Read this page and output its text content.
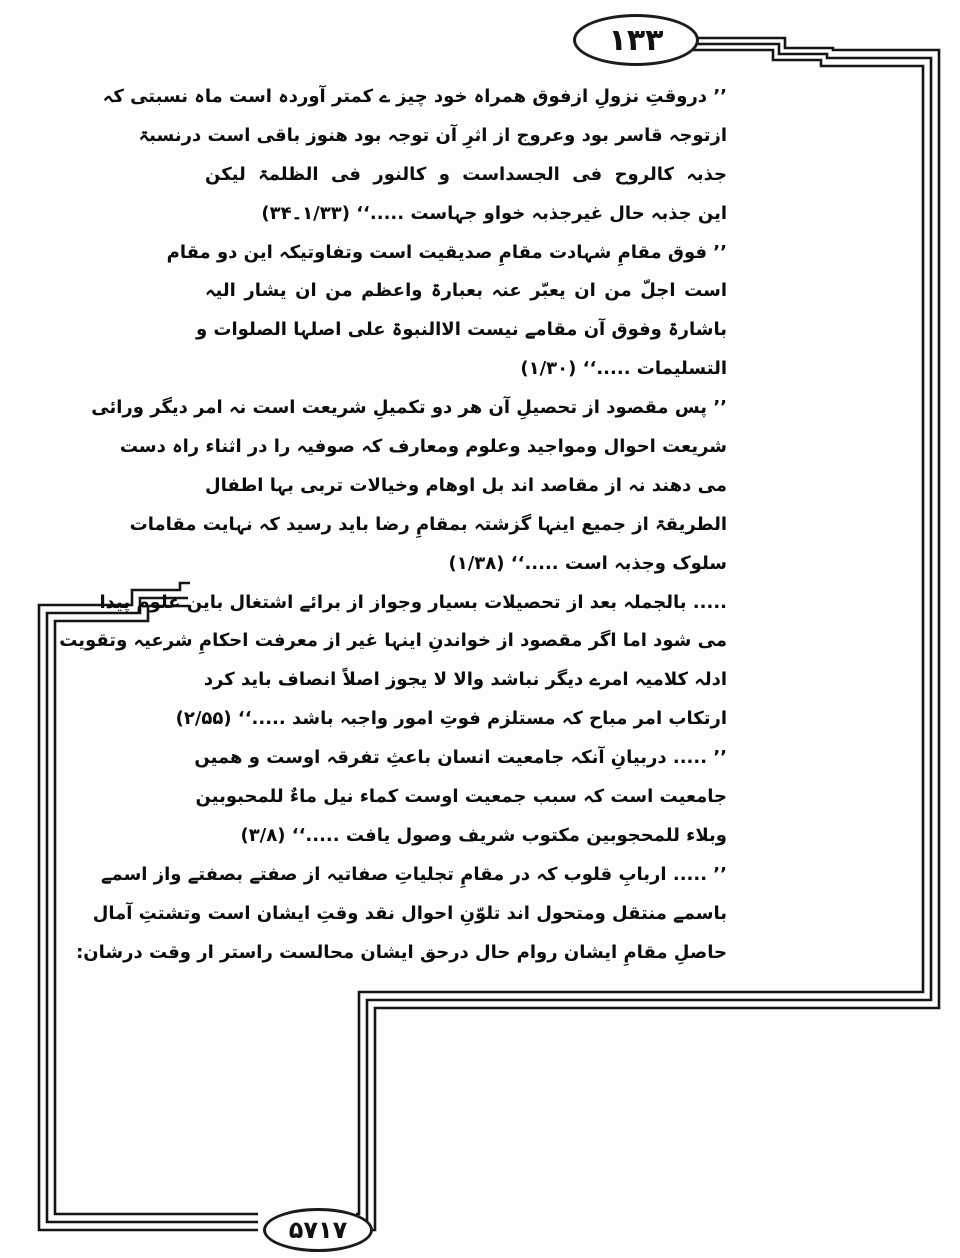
۱۳۳
’’ دروقتِ نزولِ ازفوق همراہ خود چیز ے کمتر آوردہ است ماہ نسبتی کہ
ازتوجہ قاسر بود وعروج از اثرِ آن توجہ بود هنوز باقی است درنسبۃ
جذبہ کالروح فی الجسداست و کالنور فی الظلمۃ لیکن
این جذبہ حال غیرجذبہ خواو جہاست .....‘‘ (۱/۳۳۔۳۴)
’’ فوق مقامِ شہادت مقامِ صدیقیت است وتفاوتیکہ این دو مقام
است اجلّ من ان یعبّر عنہ بعبارۃ واعظم من ان یشار الیہ
باشارۃ وفوق آن مقامے نیست الاالنبوۃ علی اصلہا الصلوات و
التسلیمات .....‘‘ (۱/۳۰)
’’ پس مقصود از تحصیلِ آن هر دو تکمیلِ شریعت است نہ امر دیگر ورائی
شریعت احوال ومواجید وعلوم ومعارف کہ صوفیہ را در اثناء راہ دست
می دهند نہ از مقاصد اند بل اوهام وخیالات تربی بہا اطفال
الطریقۃ از جمیع اینہا گزشتہ بمقامِ رضا باید رسید کہ نہایت مقامات
سلوک وجذبہ است .....‘‘ (۱/۳۸)
..... بالجملہ بعد از تحصیلات بسیار وجواز از برائے اشتغال باین علوم پیدا
می شود اما اگر مقصود از خواندنِ اینہا غیر از معرفت احکامِ شرعیہ وتقویت
ادلہ کلامیہ امرے دیگر نباشد والا لا یجوز اصلاً انصاف باید کرد
ارتکاب امر مباح کہ مستلزم فوتِ امور واجبہ باشد .....‘‘ (۲/۵۵)
’’ ..... دربیانِ آنکہ جامعیت انسان باعثِ تفرقہ اوست و همیں
جامعیت است کہ سبب جمعیت اوست کماء نیل ماءٌ للمحبوبین
وبلاء للمحجوبین مکتوب شریف وصول یافت .....‘‘ (۳/۸)
’’ ..... اربابِ قلوب کہ در مقامِ تجلیاتِ صفاتیہ از صفتے بصفتے واز اسمے
باسمے منتقل ومتحول اند تلوّنِ احوال نقد وقتِ ایشان است وتشتتِ آمال
حاصلِ مقامِ ایشان روام حال درحق ایشان محالست راستر ار وقت درشان:
۵۷۱۷
